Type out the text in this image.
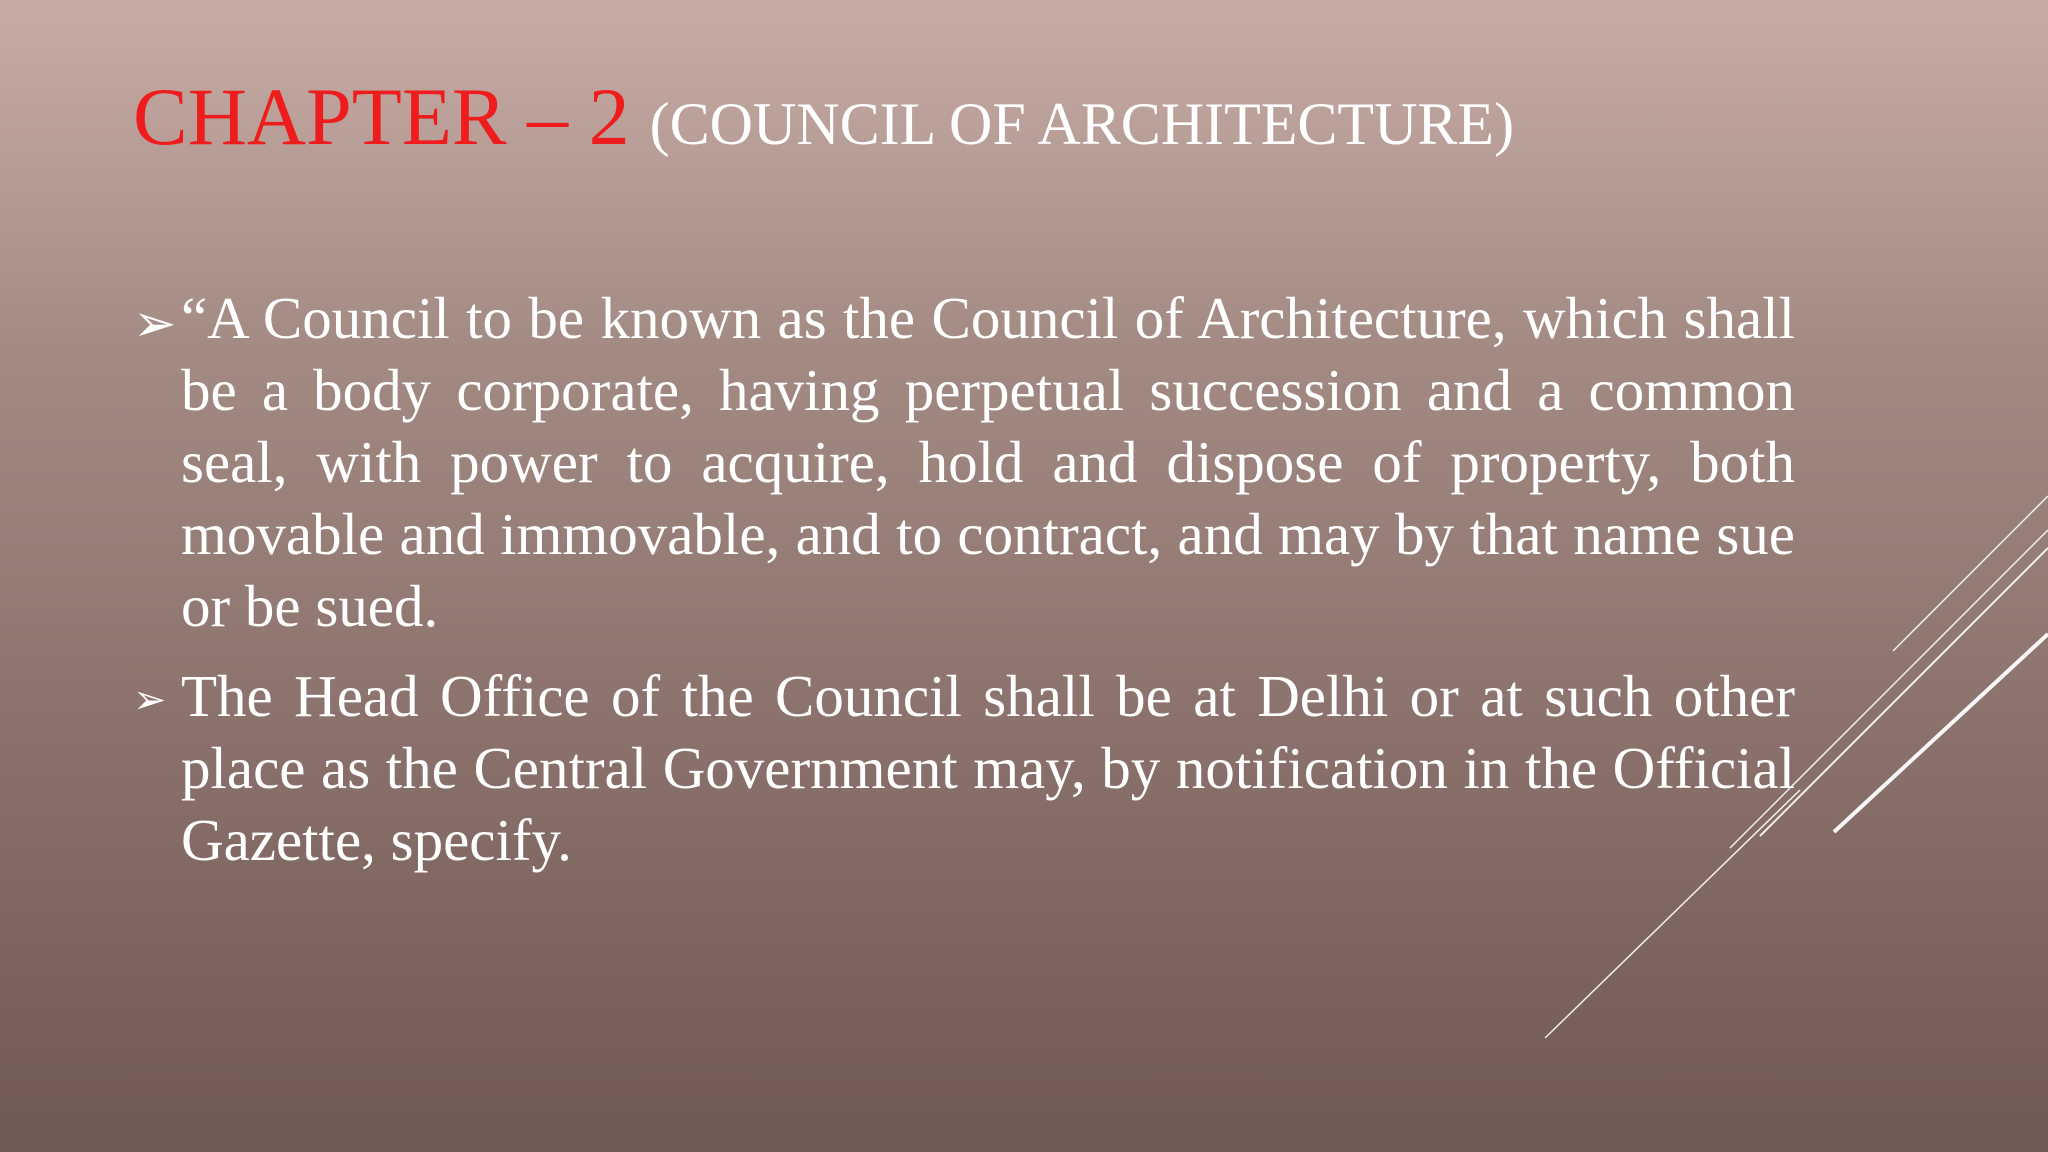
CHAPTER – 2 (COUNCIL OF ARCHITECTURE)
➢ “A Council to be known as the Council of Architecture, which shall be a body corporate, having perpetual succession and a common seal, with power to acquire, hold and dispose of property, both movable and immovable, and to contract, and may by that name sue or be sued.
➢ The Head Office of the Council shall be at Delhi or at such other place as the Central Government may, by notification in the Official Gazette, specify.
